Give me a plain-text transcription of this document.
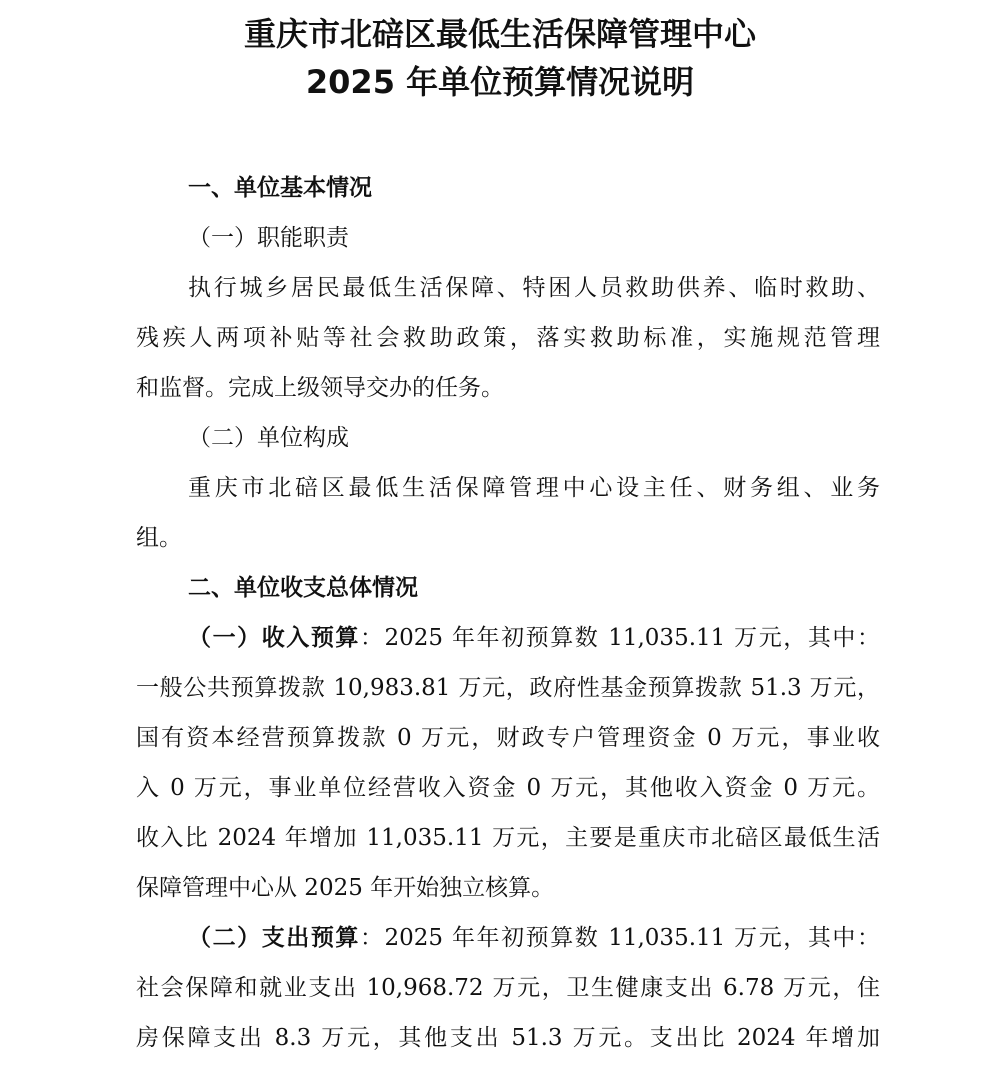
重庆市北碚区最低生活保障管理中心
2025 年单位预算情况说明
一、单位基本情况
（一）职能职责
执行城乡居民最低生活保障、特困人员救助供养、临时救助、
残疾人两项补贴等社会救助政策，落实救助标准，实施规范管理
和监督。完成上级领导交办的任务。
（二）单位构成
重庆市北碚区最低生活保障管理中心设主任、财务组、业务
组。
二、单位收支总体情况
（一）收入预算：2025 年年初预算数 11,035.11 万元，其中：
一般公共预算拨款 10,983.81 万元，政府性基金预算拨款 51.3 万元，
国有资本经营预算拨款 0 万元，财政专户管理资金 0 万元，事业收
入 0 万元，事业单位经营收入资金 0 万元，其他收入资金 0 万元。
收入比 2024 年增加 11,035.11 万元，主要是重庆市北碚区最低生活
保障管理中心从 2025 年开始独立核算。
（二）支出预算：2025 年年初预算数 11,035.11 万元，其中：
社会保障和就业支出 10,968.72 万元，卫生健康支出 6.78 万元，住
房保障支出 8.3 万元，其他支出 51.3 万元。支出比 2024 年增加
